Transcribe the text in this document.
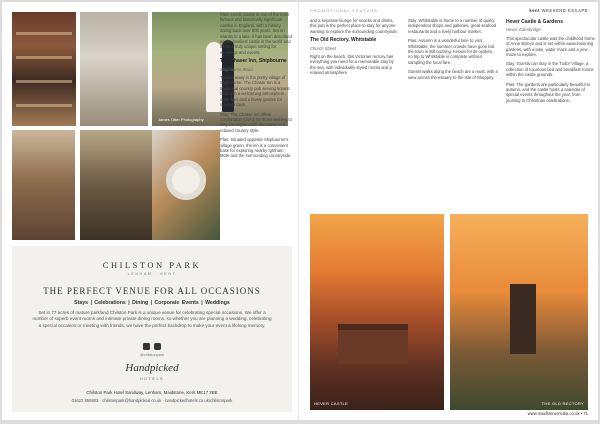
James Otter Photography

Plas: Leeds Castle is one of the most famous and historically significant castles in England, with a history dating back over 900 years. Set on islands in a lake, it has been described as the loveliest castle in the world and offers a truly unique setting for weddings and events.

The Chaser Inn, Shipbourne
Shipbourne Road

Tucked away in the pretty village of Shipbourne, The Chaser Inn is a traditional country pub serving honest food with a welcoming atmosphere, open fires and a lovely garden for summer days.

Stay: The Chaser Inn offers comfortable rooms for those wishing to stay overnight, each decorated in a relaxed country style.

Plas: Situated opposite Shipbourne's village green, the inn is a convenient base for exploring nearby Ightham Mote and the surrounding countryside.

CHILSTON PARK
LENHAM · KENT
THE PERFECT VENUE FOR ALL OCCASIONS
Stays | Celebrations | Dining | Corporate Events | Weddings
Set in 77 acres of mature parkland Chilston Park is a unique venue for celebrating special occasions. We offer a number of superb event rooms and intimate private dining rooms, so whether you are planning a wedding, celebrating a special occasion or meeting with friends, we have the perfect backdrop to make your event a lifelong memory.
@chilstonpark
Handpicked
HOTELS
Chilston Park Hotel Sandway, Lenham, Maidstone, Kent ME17 2BE
01622 859803 · chilstonpark@handpicked.co.uk · handpickedhotels.co.uk/chilstonpark
PROMOTIONAL FEATURE	kent WEEKEND ESCAPE

and a separate lounge for snacks and drinks, this pub is the perfect place to stay for anyone wanting to explore the surrounding countryside.

The Old Rectory, Whitstable
Church Street

Right on the beach, this Victorian rectory has everything you need for a memorable stay by the sea, with individually styled rooms and a relaxed atmosphere.

Stay: Whitstable is home to a number of quirky independent shops and galleries, great seafood restaurants and a lively harbour market.

Plas: Autumn is a wonderful time to visit Whitstable, the summer crowds have gone but the town is still buzzing. Known for its oysters, no trip to Whitstable is complete without sampling the local fare.

Sunset walks along the beach are a must, with a view across the estuary to the Isle of Sheppey.

Hever Castle & Gardens
Hever, Edenbridge

This spectacular castle was the childhood home of Anne Boleyn and is set within award-winning gardens, with a lake, water maze and a yew maze to explore.

Stay: Guests can stay in the Tudor Village, a collection of luxurious bed and breakfast rooms within the castle grounds.

Plas: The gardens are particularly beautiful in autumn, and the castle hosts a calendar of special events throughout the year, from jousting to Christmas celebrations.

HEVER CASTLE	THE OLD RECTORY
www.maidstonemedia.co.uk • 71
